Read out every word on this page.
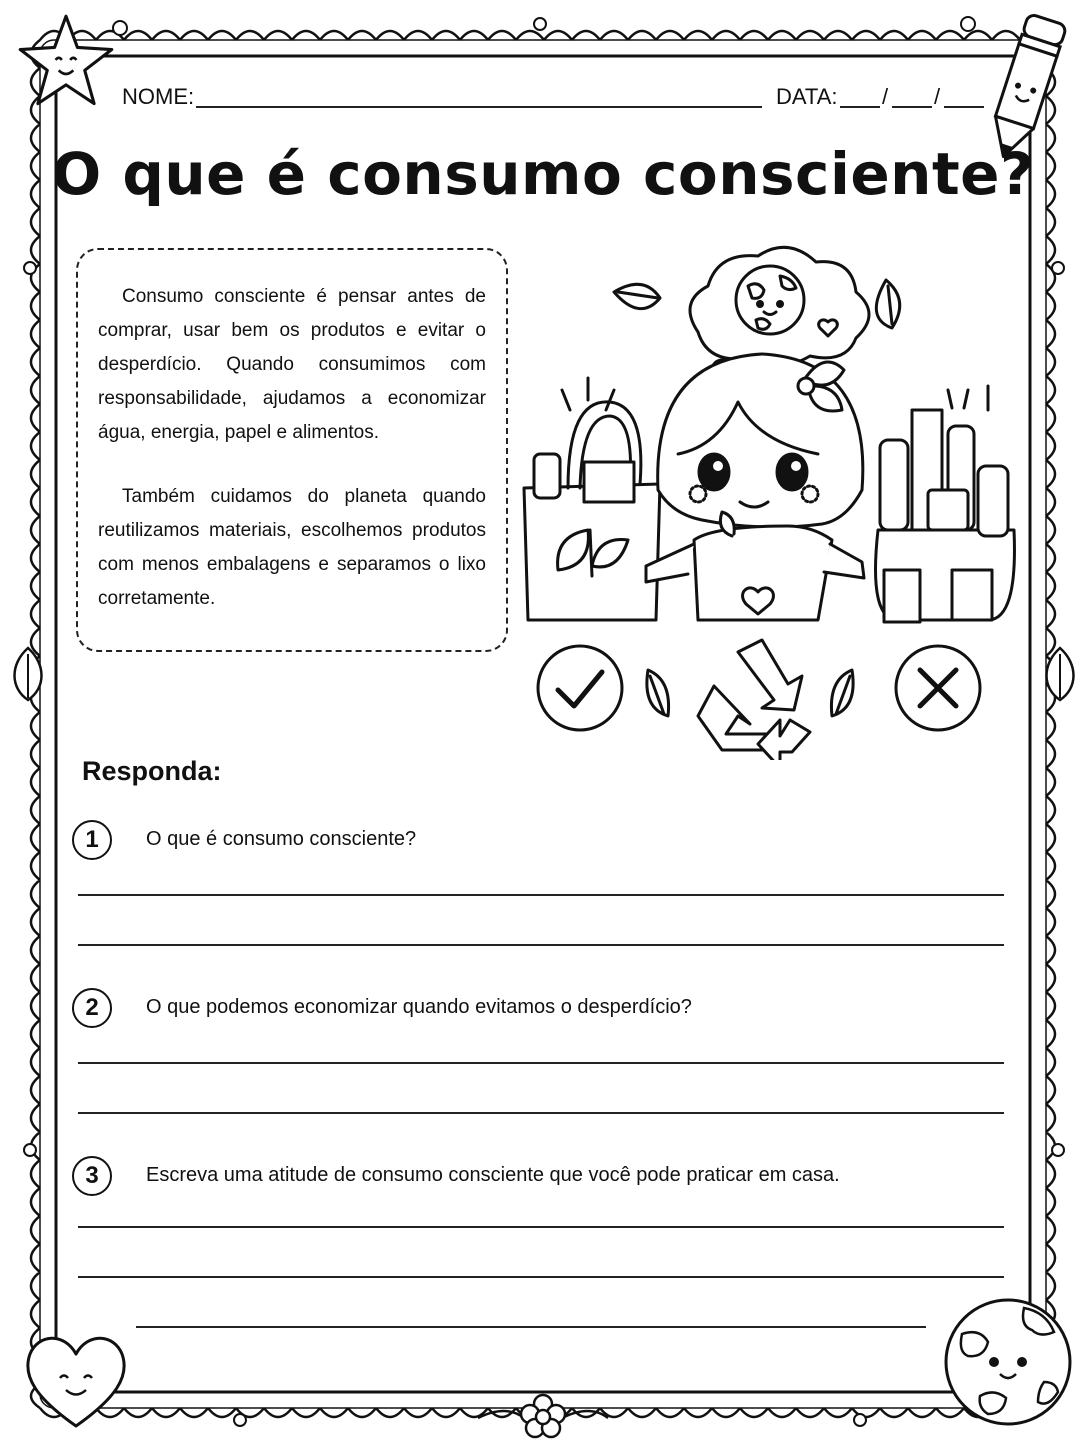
NOME:	DATA: / /
O que é consumo consciente?

Consumo consciente é pensar antes de comprar, usar bem os produtos e evitar o desperdício. Quando consumimos com responsabilidade, ajudamos a economizar água, energia, papel e alimentos.

Também cuidamos do planeta quando reutilizamos materiais, escolhemos produtos com menos embalagens e separamos o lixo corretamente.

Responda:
1	O que é consumo consciente?
2	O que podemos economizar quando evitamos o desperdício?
3	Escreva uma atitude de consumo consciente que você pode praticar em casa.
